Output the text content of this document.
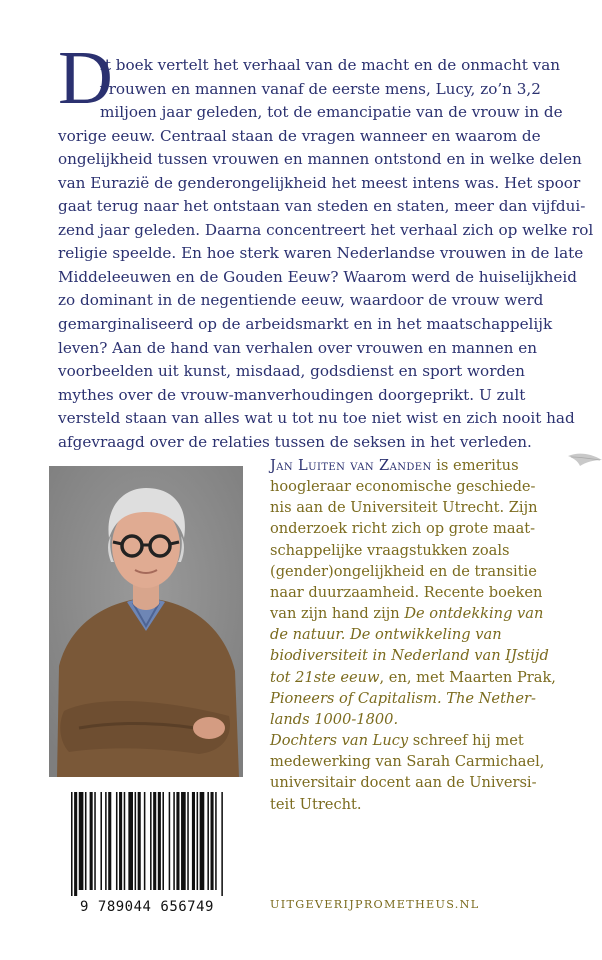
D
it boek vertelt het verhaal van de macht en de onmacht van
vrouwen en mannen vanaf de eerste mens, Lucy, zo’n 3,2
miljoen jaar geleden, tot de emancipatie van de vrouw in de
vorige eeuw. Centraal staan de vragen wanneer en waarom de
ongelijkheid tussen vrouwen en mannen ontstond en in welke delen
van Eurazië de genderongelijkheid het meest intens was. Het spoor
gaat terug naar het ontstaan van steden en staten, meer dan vijfdui-
zend jaar geleden. Daarna concentreert het verhaal zich op welke rol
religie speelde. En hoe sterk waren Nederlandse vrouwen in de late
Middeleeuwen en de Gouden Eeuw? Waarom werd de huiselijkheid
zo dominant in de negentiende eeuw, waardoor de vrouw werd
gemarginaliseerd op de arbeidsmarkt en in het maatschappelijk
leven? Aan de hand van verhalen over vrouwen en mannen en
voorbeelden uit kunst, misdaad, godsdienst en sport worden
mythes over de vrouw-manverhoudingen doorgeprikt. U zult
versteld staan van alles wat u tot nu toe niet wist en zich nooit had
afgevraagd over de relaties tussen de seksen in het verleden.
9 789044 656749
Jan Luiten van Zanden is emeritus
hoogleraar economische geschiede-
nis aan de Universiteit Utrecht. Zijn
onderzoek richt zich op grote maat-
schappelijke vraagstukken zoals
(gender)ongelijkheid en de transitie
naar duurzaamheid. Recente boeken
van zijn hand zijn De ontdekking van
de natuur. De ontwikkeling van
biodiversiteit in Nederland van IJstijd
tot 21ste eeuw, en, met Maarten Prak,
Pioneers of Capitalism. The Nether-
lands 1000-1800.
Dochters van Lucy schreef hij met
medewerking van Sarah Carmichael,
universitair docent aan de Universi-
teit Utrecht.
UITGEVERIJPROMETHEUS.NL
